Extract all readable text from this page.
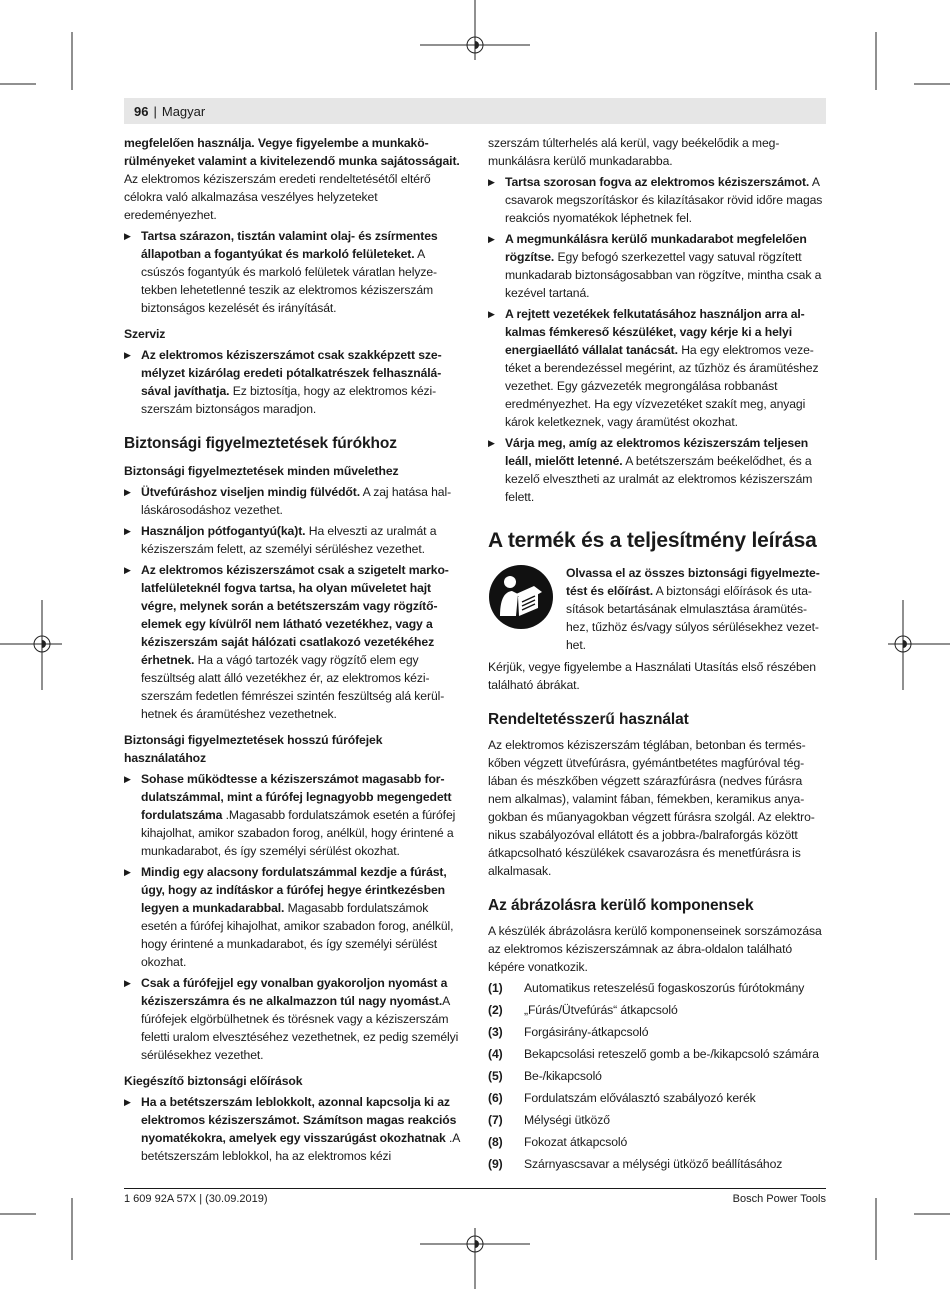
96 | Magyar
megfelelően használja. Vegye figyelembe a munkakörülményeket valamint a kivitelezendő munka sajátosságait. Az elektromos kéziszerszám eredeti rendeltetésétől eltérő célokra való alkalmazása veszélyes helyzeteket eredeményezhet.
▶ Tartsa szárazon, tisztán valamint olaj- és zsírmentes állapotban a fogantyúkat és markoló felületeket. A csúszós fogantyúk és markoló felületek váratlan helyzetekben lehetetlenné teszik az elektromos kéziszerszám biztonságos kezelését és irányítását.
Szerviz
▶ Az elektromos kéziszerszámot csak szakképzett személyzet kizárólag eredeti pótalkatrészek felhasználásával javíthatja. Ez biztosítja, hogy az elektromos kéziszerszám biztonságos maradjon.
Biztonsági figyelmeztetések fúrókhoz
Biztonsági figyelmeztetések minden művelethez
▶ Ütvefúráshoz viseljen mindig fülvédőt. A zaj hatása halláskárosodáshoz vezethet.
▶ Használjon pótfogantyú(ka)t. Ha elveszti az uralmát a kéziszerszám felett, az személyi sérüléshez vezethet.
▶ Az elektromos kéziszerszámot csak a szigetelt markolatfelületeknél fogva tartsa, ha olyan műveletet hajt végre, melynek során a betétszerszám vagy rögzítőelemek egy kívülről nem látható vezetékhez, vagy a kéziszerszám saját hálózati csatlakozó vezetékéhez érhetnek. Ha a vágó tartozék vagy rögzítő elem egy feszültség alatt álló vezetékhez ér, az elektromos kéziszerszám fedetlen fémrészei szintén feszültség alá kerülhetnek és áramütéshez vezethetnek.
Biztonsági figyelmeztetések hosszú fúrófejek használatához
▶ Sohase működtesse a kéziszerszámot magasabb fordulatszámmal, mint a fúrófej legnagyobb megengedett fordulatszáma .Magasabb fordulatszámok esetén a fúrófej kihajolhat, amikor szabadon forog, anélkül, hogy érintené a munkadarabot, és így személyi sérülést okozhat.
▶ Mindig egy alacsony fordulatszámmal kezdje a fúrást, úgy, hogy az indításkor a fúrófej hegye érintkezésben legyen a munkadarabbal. Magasabb fordulatszámok esetén a fúrófej kihajolhat, amikor szabadon forog, anélkül, hogy érintené a munkadarabot, és így személyi sérülést okozhat.
▶ Csak a fúrófejjel egy vonalban gyakoroljon nyomást a kéziszerszámra és ne alkalmazzon túl nagy nyomást.A fúrófejek elgörbülhetnek és törésnek vagy a kéziszerszám feletti uralom elvesztéséhez vezethetnek, ez pedig személyi sérülésekhez vezethet.
Kiegészítő biztonsági előírások
▶ Ha a betétszerszám leblokkolt, azonnal kapcsolja ki az elektromos kéziszerszámot. Számítson magas reakciós nyomatékokra, amelyek egy visszarúgást okozhatnak .A betétszerszám leblokkol, ha az elektromos kézi
szerszám túlterhelés alá kerül, vagy beékelődik a megmunkálásra kerülő munkadarabba.
▶ Tartsa szorosan fogva az elektromos kéziszerszámot. A csavarok megszorításkor és kilazításakor rövid időre magas reakciós nyomatékok léphetnek fel.
▶ A megmunkálásra kerülő munkadarabot megfelelően rögzítse. Egy befogó szerkezettel vagy satuval rögzített munkadarab biztonságosabban van rögzítve, mintha csak a kezével tartaná.
▶ A rejtett vezetékek felkutatásához használjon arra alkalmas fémkereső készüléket, vagy kérje ki a helyi energiaellátó vállalat tanácsát. Ha egy elektromos vezetéket a berendezéssel megérint, az tűzhöz és áramütéshez vezethet. Egy gázvezeték megrongálása robbanást eredményezhet. Ha egy vízvezetéket szakít meg, anyagi károk keletkeznek, vagy áramütést okozhat.
▶ Várja meg, amíg az elektromos kéziszerszám teljesen leáll, mielőtt letenné. A betétszerszám beékelődhet, és a kezelő elvesztheti az uralmát az elektromos kéziszerszám felett.
A termék és a teljesítmény leírása
Olvassa el az összes biztonsági figyelmeztetést és előírást. A biztonsági előírások és utasítások betartásának elmulasztása áramütéshez, tűzhöz és/vagy súlyos sérülésekhez vezethet.

Kérjük, vegye figyelembe a Használati Utasítás első részében található ábrákat.

Rendeltetésszerű használat

Az elektromos kéziszerszám téglában, betonban és terméskőben végzett ütvefúrásra, gyémántbetétes magfúróval téglában és mészkőben végzett szárazfúrásra (nedves fúrásra nem alkalmas), valamint fában, fémekben, keramikus anyagokban és műanyagokban végzett fúrásra szolgál. Az elektronikus szabályozóval ellátott és a jobbra-/balraforgás között átkapcsolható készülékek csavarozásra és menetfúrásra is alkalmasak.

Az ábrázolásra kerülő komponensek

A készülék ábrázolásra kerülő komponenseinek sorszámozása az elektromos kéziszerszámnak az ábra-oldalon található képére vonatkozik.

(1)	Automatikus reteszelésű fogaskoszorús fúrótokmány
(2)	„Fúrás/Ütvefúrás“ átkapcsoló
(3)	Forgásirány-átkapcsoló
(4)	Bekapcsolási reteszelő gomb a be-/kikapcsoló számára
(5)	Be-/kikapcsoló
(6)	Fordulatszám előválasztó szabályozó kerék
(7)	Mélységi ütköző
(8)	Fokozat átkapcsoló
(9)	Szárnyascsavar a mélységi ütköző beállításához
1 609 92A 57X | (30.09.2019)	Bosch Power Tools
